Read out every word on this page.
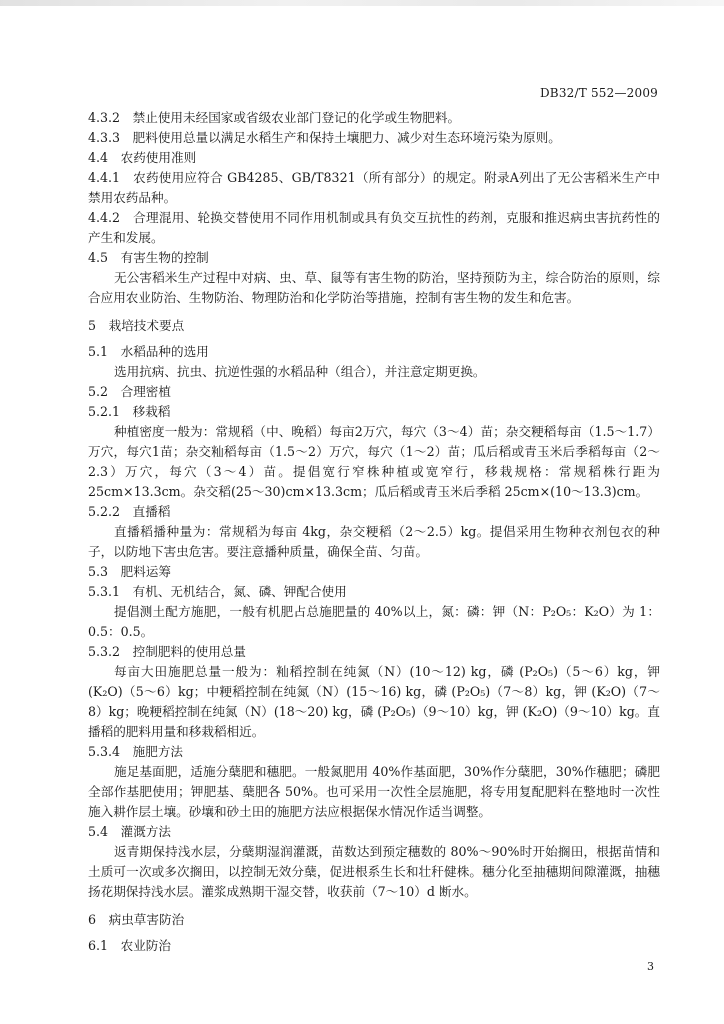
DB32/T 552—2009
4.3.2　禁止使用未经国家或省级农业部门登记的化学或生物肥料。
4.3.3　肥料使用总量以满足水稻生产和保持土壤肥力、减少对生态环境污染为原则。
4.4　农药使用准则
4.4.1　农药使用应符合 GB4285、GB/T8321（所有部分）的规定。附录A列出了无公害稻米生产中禁用农药品种。
4.4.2　合理混用、轮换交替使用不同作用机制或具有负交互抗性的药剂，克服和推迟病虫害抗药性的产生和发展。
4.5　有害生物的控制
无公害稻米生产过程中对病、虫、草、鼠等有害生物的防治，坚持预防为主，综合防治的原则，综合应用农业防治、生物防治、物理防治和化学防治等措施，控制有害生物的发生和危害。
5　栽培技术要点
5.1　水稻品种的选用
选用抗病、抗虫、抗逆性强的水稻品种（组合），并注意定期更换。
5.2　合理密植
5.2.1　移栽稻
种植密度一般为：常规稻（中、晚稻）每亩2万穴，每穴（3～4）苗；杂交粳稻每亩（1.5～1.7）万穴，每穴1苗；杂交籼稻每亩（1.5～2）万穴，每穴（1～2）苗；瓜后稻或青玉米后季稻每亩（2～2.3）万穴，每穴（3～4）苗。提倡宽行窄株种植或宽窄行，移栽规格：常规稻株行距为 25cm×13.3cm。杂交稻(25～30)cm×13.3cm；瓜后稻或青玉米后季稻 25cm×(10～13.3)cm。
5.2.2　直播稻
直播稻播种量为：常规稻为每亩 4kg，杂交粳稻（2～2.5）kg。提倡采用生物种衣剂包衣的种子，以防地下害虫危害。要注意播种质量，确保全苗、匀苗。
5.3　肥料运筹
5.3.1　有机、无机结合，氮、磷、钾配合使用
提倡测土配方施肥，一般有机肥占总施肥量的 40%以上，氮：磷：钾（N：P₂O₅：K₂O）为 1：0.5：0.5。
5.3.2　控制肥料的使用总量
每亩大田施肥总量一般为：籼稻控制在纯氮（N）(10～12) kg，磷 (P₂O₅)（5～6）kg，钾 (K₂O)（5～6）kg；中粳稻控制在纯氮（N）(15～16) kg，磷 (P₂O₅)（7～8）kg，钾 (K₂O)（7～8）kg；晚粳稻控制在纯氮（N）(18～20) kg，磷 (P₂O₅)（9～10）kg，钾 (K₂O)（9～10）kg。直播稻的肥料用量和移栽稻相近。
5.3.4　施肥方法
施足基面肥，适施分蘖肥和穗肥。一般氮肥用 40%作基面肥，30%作分蘖肥，30%作穗肥；磷肥全部作基肥使用；钾肥基、蘖肥各 50%。也可采用一次性全层施肥，将专用复配肥料在整地时一次性施入耕作层土壤。砂壤和砂土田的施肥方法应根据保水情况作适当调整。
5.4　灌溉方法
返青期保持浅水层，分蘖期湿润灌溉，苗数达到预定穗数的 80%～90%时开始搁田，根据苗情和土质可一次或多次搁田，以控制无效分蘖，促进根系生长和壮秆健株。穗分化至抽穗期间隙灌溉，抽穗扬花期保持浅水层。灌浆成熟期干湿交替，收获前（7～10）d 断水。
6　病虫草害防治
6.1　农业防治
3
